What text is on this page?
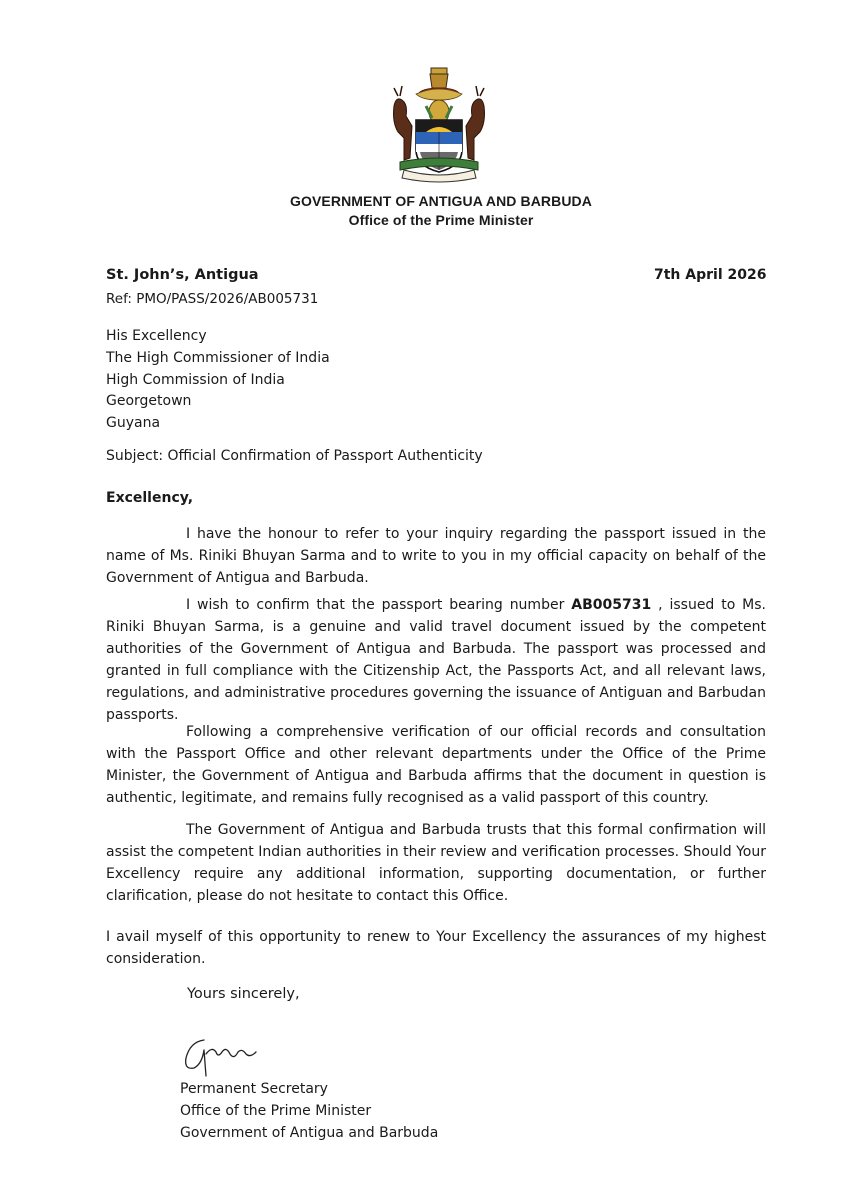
GOVERNMENT OF ANTIGUA AND BARBUDA
Office of the Prime Minister
St. John’s, Antigua	7th April 2026
Ref: PMO/PASS/2026/AB005731
His Excellency
The High Commissioner of India
High Commission of India
Georgetown
Guyana
Subject: Official Confirmation of Passport Authenticity
Excellency,
I have the honour to refer to your inquiry regarding the passport issued in the name of Ms. Riniki Bhuyan Sarma and to write to you in my official capacity on behalf of the Government of Antigua and Barbuda.
I wish to confirm that the passport bearing number AB005731 , issued to Ms. Riniki Bhuyan Sarma, is a genuine and valid travel document issued by the competent authorities of the Government of Antigua and Barbuda. The passport was processed and granted in full compliance with the Citizenship Act, the Passports Act, and all relevant laws, regulations, and administrative procedures governing the issuance of Antiguan and Barbudan passports.
Following a comprehensive verification of our official records and consultation with the Passport Office and other relevant departments under the Office of the Prime Minister, the Government of Antigua and Barbuda affirms that the document in question is authentic, legitimate, and remains fully recognised as a valid passport of this country.
The Government of Antigua and Barbuda trusts that this formal confirmation will assist the competent Indian authorities in their review and verification processes. Should Your Excellency require any additional information, supporting documentation, or further clarification, please do not hesitate to contact this Office.
I avail myself of this opportunity to renew to Your Excellency the assurances of my highest consideration.
Yours sincerely,
Permanent Secretary
Office of the Prime Minister
Government of Antigua and Barbuda
